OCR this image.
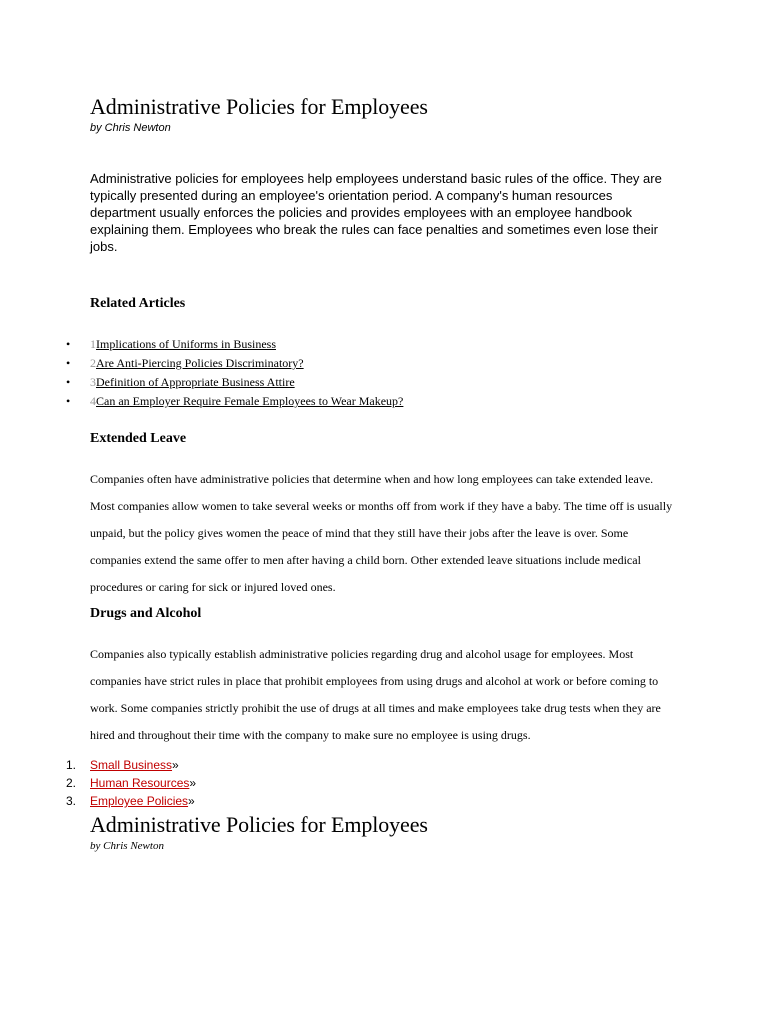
Administrative Policies for Employees

by Chris Newton

Administrative policies for employees help employees understand basic rules of the office. They are typically presented during an employee's orientation period. A company's human resources department usually enforces the policies and provides employees with an employee handbook explaining them. Employees who break the rules can face penalties and sometimes even lose their jobs.

Related Articles
• 1Implications of Uniforms in Business
• 2Are Anti-Piercing Policies Discriminatory?
• 3Definition of Appropriate Business Attire
• 4Can an Employer Require Female Employees to Wear Makeup?
Extended Leave

Companies often have administrative policies that determine when and how long employees can take extended leave. Most companies allow women to take several weeks or months off from work if they have a baby. The time off is usually unpaid, but the policy gives women the peace of mind that they still have their jobs after the leave is over. Some companies extend the same offer to men after having a child born. Other extended leave situations include medical procedures or caring for sick or injured loved ones.

Drugs and Alcohol

Companies also typically establish administrative policies regarding drug and alcohol usage for employees. Most companies have strict rules in place that prohibit employees from using drugs and alcohol at work or before coming to work. Some companies strictly prohibit the use of drugs at all times and make employees take drug tests when they are hired and throughout their time with the company to make sure no employee is using drugs.

1. Small Business»
2. Human Resources»
3. Employee Policies»
Administrative Policies for Employees

by Chris Newton
